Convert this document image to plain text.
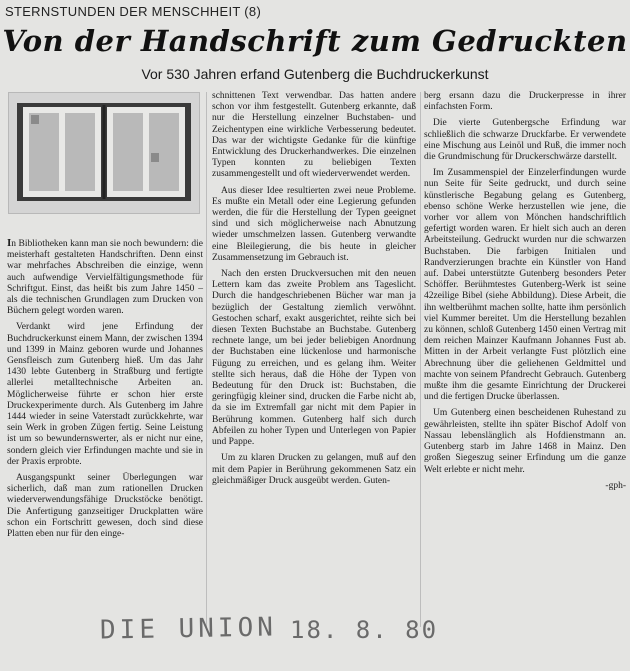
STERNSTUNDEN DER MENSCHHEIT (8)
Von der Handschrift zum Gedruckten
Vor 530 Jahren erfand Gutenberg die Buchdruckerkunst

In Bibliotheken kann man sie noch bewundern: die meisterhaft gestalteten Handschriften. Denn einst war mehrfaches Abschreiben die einzige, wenn auch aufwendige Vervielfältigungsmethode für Schriftgut. Einst, das heißt bis zum Jahre 1450 – als die technischen Grundlagen zum Drucken von Büchern gelegt worden waren.

Verdankt wird jene Erfindung der Buchdruckerkunst einem Mann, der zwischen 1394 und 1399 in Mainz geboren wurde und Johannes Gensfleisch zum Gutenberg hieß. Um das Jahr 1430 lebte Gutenberg in Straßburg und fertigte allerlei metalltechnische Arbeiten an. Möglicherweise führte er schon hier erste Druckexperimente durch. Als Gutenberg im Jahre 1444 wieder in seine Vaterstadt zurückkehrte, war sein Werk in groben Zügen fertig. Seine Leistung ist um so bewundernswerter, als er nicht nur eine, sondern gleich vier Erfindungen machte und sie in der Praxis erprobte.

Ausgangspunkt seiner Überlegungen war sicherlich, daß man zum rationellen Drucken wiederverwendungsfähige Druckstöcke benötigt. Die Anfertigung ganzseitiger Druckplatten wäre schon ein Fortschritt gewesen, doch sind diese Platten eben nur für den einge-

schnittenen Text verwendbar. Das hatten andere schon vor ihm festgestellt. Gutenberg erkannte, daß nur die Herstellung einzelner Buchstaben- und Zeichentypen eine wirkliche Verbesserung bedeutet. Das war der wichtigste Gedanke für die künftige Entwicklung des Druckerhandwerkes. Die einzelnen Typen konnten zu beliebigen Texten zusammengestellt und oft wiederverwendet werden.

Aus dieser Idee resultierten zwei neue Probleme. Es mußte ein Metall oder eine Legierung gefunden werden, die für die Herstellung der Typen geeignet sind und sich möglicherweise nach Abnutzung wieder umschmelzen lassen. Gutenberg verwandte eine Bleilegierung, die bis heute in gleicher Zusammensetzung im Gebrauch ist.

Nach den ersten Druckversuchen mit den neuen Lettern kam das zweite Problem ans Tageslicht. Durch die handgeschriebenen Bücher war man ja bezüglich der Gestaltung ziemlich verwöhnt. Gestochen scharf, exakt ausgerichtet, reihte sich bei diesen Texten Buchstabe an Buchstabe. Gutenberg rechnete lange, um bei jeder beliebigen Anordnung der Buchstaben eine lückenlose und harmonische Fügung zu erreichen, und es gelang ihm. Weiter stellte sich heraus, daß die Höhe der Typen von Bedeutung für den Druck ist: Buchstaben, die geringfügig kleiner sind, drucken die Farbe nicht ab, da sie im Extremfall gar nicht mit dem Papier in Berührung kommen. Gutenberg half sich durch Abfeilen zu hoher Typen und Unterlegen von Papier und Pappe.

Um zu klaren Drucken zu gelangen, muß auf den mit dem Papier in Berührung gekommenen Satz ein gleichmäßiger Druck ausgeübt werden. Guten-

berg ersann dazu die Druckerpresse in ihrer einfachsten Form.

Die vierte Gutenbergsche Erfindung war schließlich die schwarze Druckfarbe. Er verwendete eine Mischung aus Leinöl und Ruß, die immer noch die Grundmischung für Druckerschwärze darstellt.

Im Zusammenspiel der Einzelerfindungen wurde nun Seite für Seite gedruckt, und durch seine künstlerische Begabung gelang es Gutenberg, ebenso schöne Werke herzustellen wie jene, die vorher vor allem von Mönchen handschriftlich gefertigt worden waren. Er hielt sich auch an deren Arbeitsteilung. Gedruckt wurden nur die schwarzen Buchstaben. Die farbigen Initialen und Randverzierungen brachte ein Künstler von Hand auf. Dabei unterstützte Gutenberg besonders Peter Schöffer. Berühmtestes Gutenberg-Werk ist seine 42zeilige Bibel (siehe Abbildung). Diese Arbeit, die ihn weltberühmt machen sollte, hatte ihm persönlich viel Kummer bereitet. Um die Herstellung bezahlen zu können, schloß Gutenberg 1450 einen Vertrag mit dem reichen Mainzer Kaufmann Johannes Fust ab. Mitten in der Arbeit verlangte Fust plötzlich eine Abrechnung über die geliehenen Geldmittel und machte von seinem Pfandrecht Gebrauch. Gutenberg mußte ihm die gesamte Einrichtung der Druckerei und die fertigen Drucke überlassen.

Um Gutenberg einen bescheidenen Ruhestand zu gewährleisten, stellte ihn später Bischof Adolf von Nassau lebenslänglich als Hofdienstmann an. Gutenberg starb im Jahre 1468 in Mainz. Den großen Siegeszug seiner Erfindung um die ganze Welt erlebte er nicht mehr.

-gph-

DIE UNION 18. 8. 80
